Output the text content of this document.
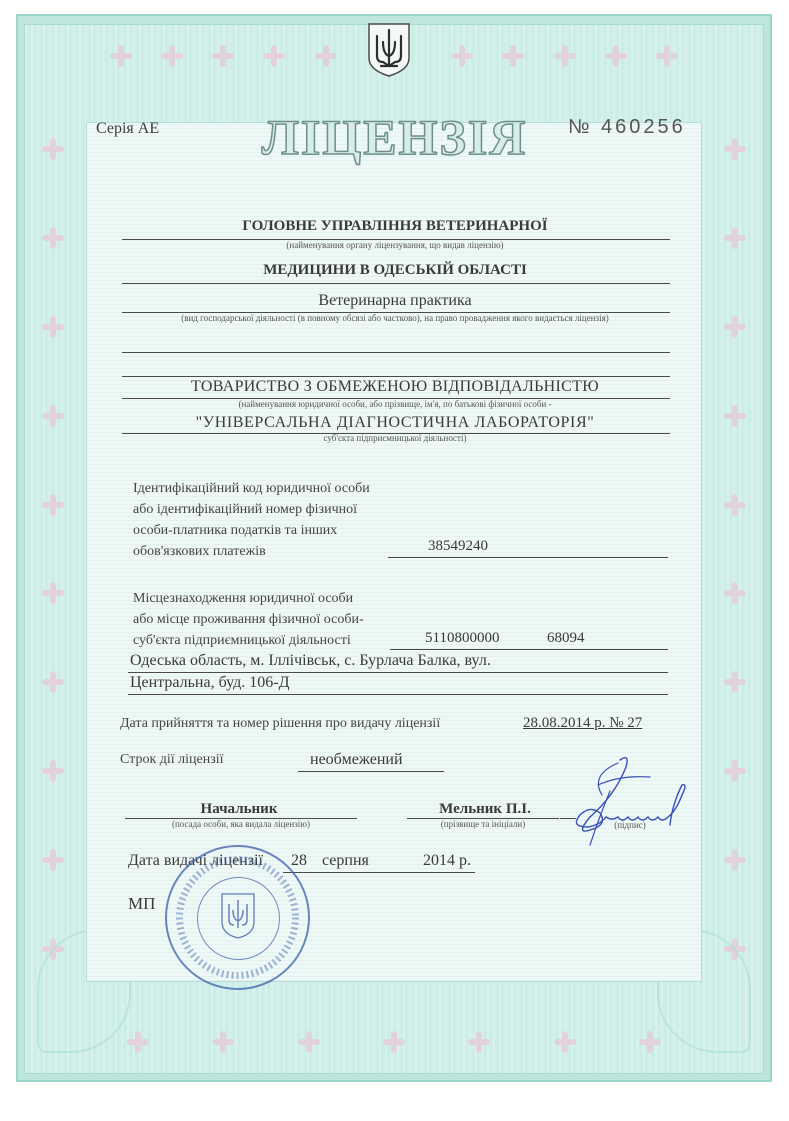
Серія АЕ	ЛІЦЕНЗІЯ	№ 460256
ГОЛОВНЕ УПРАВЛІННЯ ВЕТЕРИНАРНОЇ
(найменування органу ліцензування, що видав ліцензію)
МЕДИЦИНИ В ОДЕСЬКІЙ ОБЛАСТІ
Ветеринарна практика
(вид господарської діяльності (в повному обсязі або частково), на право провадження якого видається ліцензія)
ТОВАРИСТВО З ОБМЕЖЕНОЮ ВІДПОВІДАЛЬНІСТЮ
(найменування юридичної особи, або прізвище, ім'я, по батькові фізичної особи -
"УНІВЕРСАЛЬНА ДІАГНОСТИЧНА ЛАБОРАТОРІЯ"
суб'єкта підприємницької діяльності)
Ідентифікаційний код юридичної особи
або ідентифікаційний номер фізичної
особи-платника податків та інших
обов'язкових платежів	38549240
Місцезнаходження юридичної особи
або місце проживання фізичної особи-
суб'єкта підприємницької діяльності	5110800000	68094
Одеська область, м. Іллічівськ, с. Бурлача Балка, вул.
Центральна, буд. 106-Д
Дата прийняття та номер рішення про видачу ліцензії	28.08.2014 р. № 27
Строк дії ліцензії	необмежений
Начальник
(посада особи, яка видала ліцензію)
Мельник П.І.
(прізвище та ініціали)	(підпис)
Дата видачі ліцензії 28 серпня	2014 р.
МП
